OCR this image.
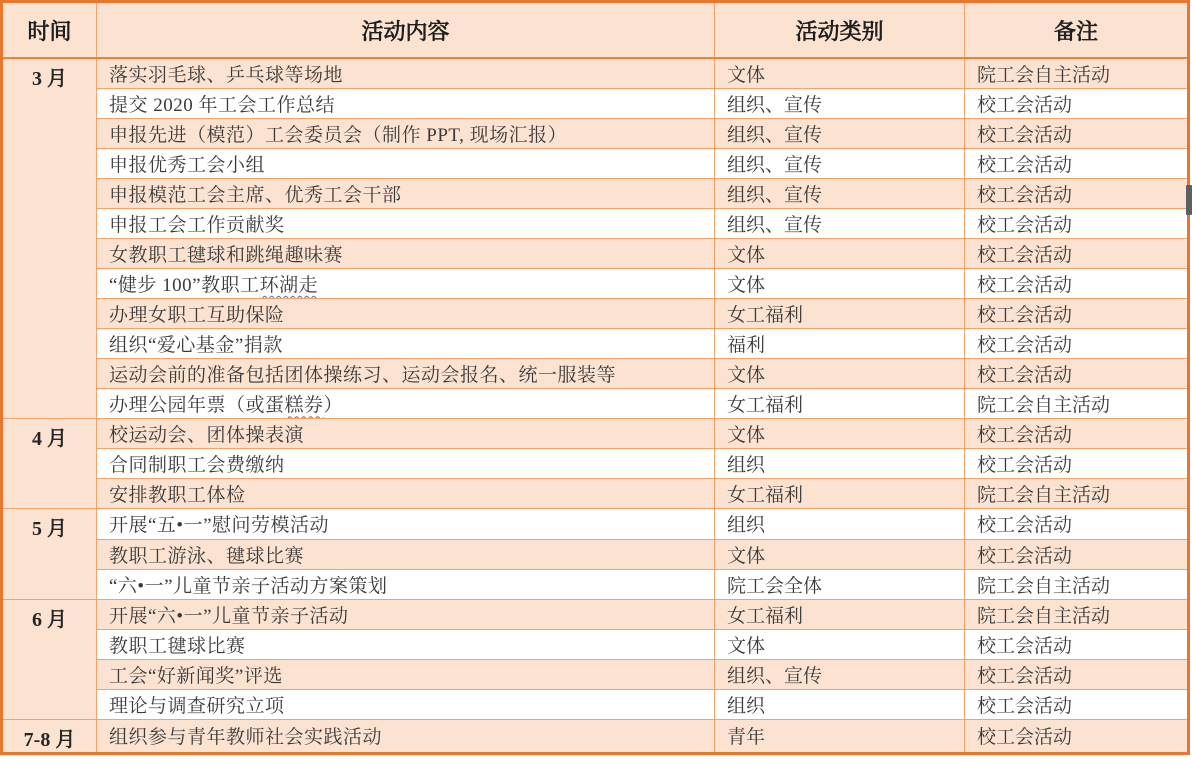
时间	活动内容	活动类别	备注
3 月	落实羽毛球、乒乓球等场地	文体	院工会自主活动
	提交 2020 年工会工作总结	组织、宣传	校工会活动
	申报先进（模范）工会委员会（制作 PPT, 现场汇报）	组织、宣传	校工会活动
	申报优秀工会小组	组织、宣传	校工会活动
	申报模范工会主席、优秀工会干部	组织、宣传	校工会活动
	申报工会工作贡献奖	组织、宣传	校工会活动
	女教职工毽球和跳绳趣味赛	文体	校工会活动
	“健步 100”教职工环湖走	文体	校工会活动
	办理女职工互助保险	女工福利	校工会活动
	组织“爱心基金”捐款	福利	校工会活动
	运动会前的准备包括团体操练习、运动会报名、统一服装等	文体	校工会活动
	办理公园年票（或蛋糕券）	女工福利	院工会自主活动
4 月	校运动会、团体操表演	文体	校工会活动
	合同制职工会费缴纳	组织	校工会活动
	安排教职工体检	女工福利	院工会自主活动
5 月	开展“五•一”慰问劳模活动	组织	校工会活动
	教职工游泳、毽球比赛	文体	校工会活动
	“六•一”儿童节亲子活动方案策划	院工会全体	院工会自主活动
6 月	开展“六•一”儿童节亲子活动	女工福利	院工会自主活动
	教职工毽球比赛	文体	校工会活动
	工会“好新闻奖”评选	组织、宣传	校工会活动
	理论与调查研究立项	组织	校工会活动
7-8 月	组织参与青年教师社会实践活动	青年	校工会活动
